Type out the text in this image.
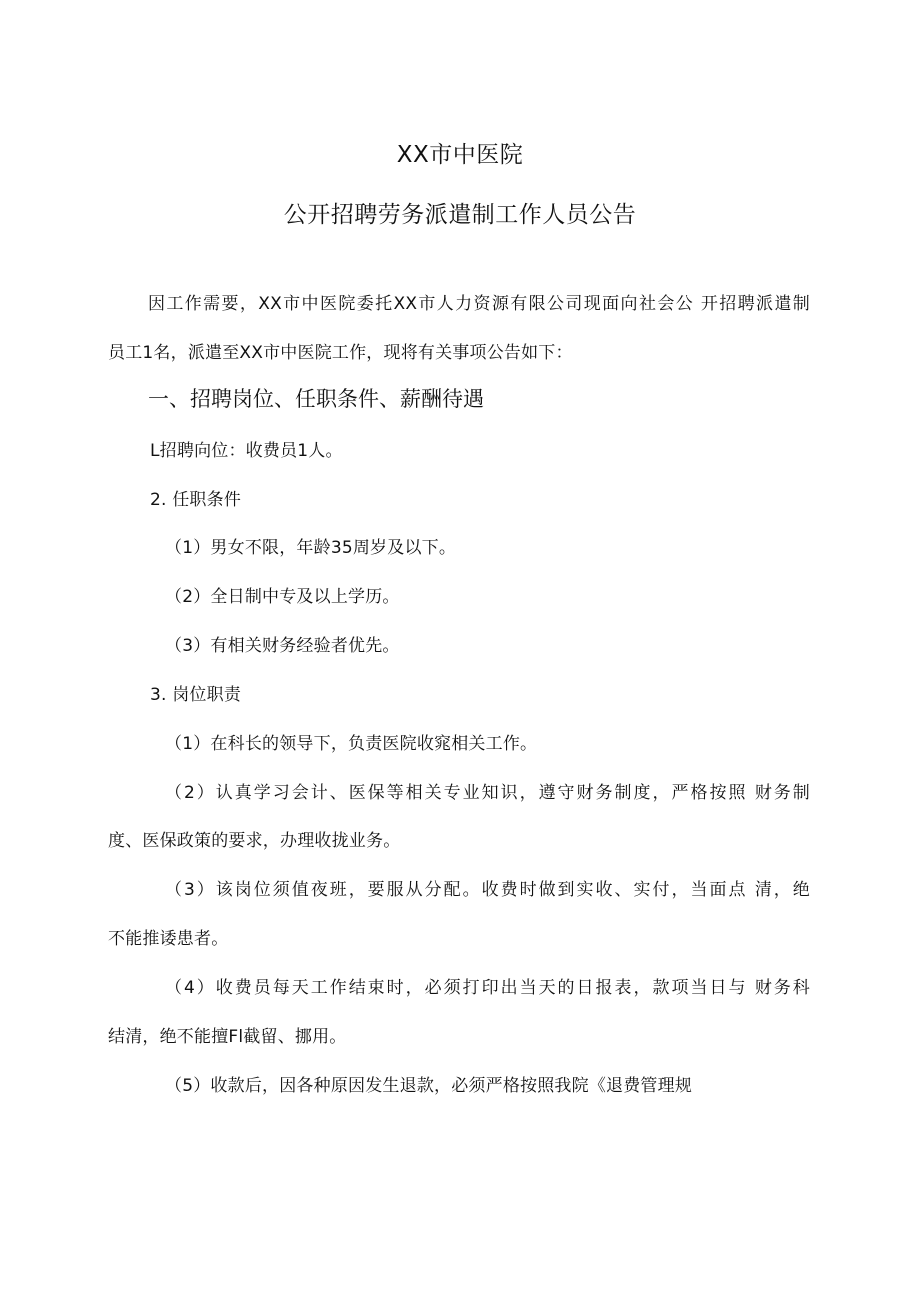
XX市中医院
公开招聘劳务派遣制工作人员公告
因工作需要，XX市中医院委托XX市人力资源有限公司现面向社会公 开招聘派遣制
员工1名，派遣至XX市中医院工作，现将有关事项公告如下：
一、招聘岗位、任职条件、薪酬待遇
L招聘向位：收费员1人。
2. 任职条件
（1）男女不限，年龄35周岁及以下。
（2）全日制中专及以上学历。
（3）有相关财务经验者优先。
3. 岗位职责
（1）在科长的领导下，负责医院收窕相关工作。
（2）认真学习会计、医保等相关专业知识，遵守财务制度，严格按照 财务制
度、医保政策的要求，办理收拢业务。
（3）该岗位须值夜班，要服从分配。收费时做到实收、实付，当面点 清，绝
不能推诿患者。
（4）收费员每天工作结束时，必须打印出当天的日报表，款项当日与 财务科
结清，绝不能擅Fl截留、挪用。
（5）收款后，因各种原因发生退款，必须严格按照我院《退费管理规
